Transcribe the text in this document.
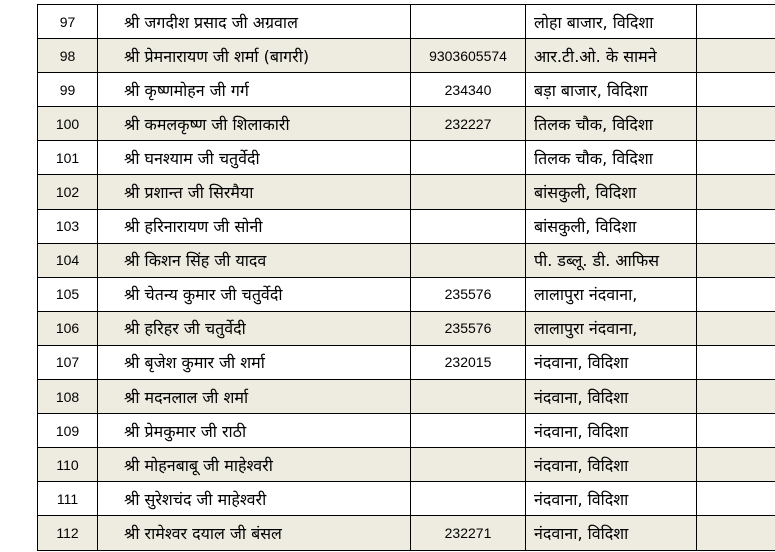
97	श्री जगदीश प्रसाद जी अग्रवाल		लोहा बाजार, विदिशा	
98	श्री प्रेमनारायण जी शर्मा (बागरी)	9303605574	आर.टी.ओ. के सामने	
99	श्री कृष्णमोहन जी गर्ग	234340	बड़ा बाजार, विदिशा	
100	श्री कमलकृष्ण जी शिलाकारी	232227	तिलक चौक, विदिशा	
101	श्री घनश्याम जी चतुर्वेदी		तिलक चौक, विदिशा	
102	श्री प्रशान्त जी सिरमैया		बांसकुली, विदिशा	
103	श्री हरिनारायण जी सोनी		बांसकुली, विदिशा	
104	श्री किशन सिंह जी यादव		पी. डब्लू. डी. आफिस	
105	श्री चेतन्य कुमार जी चतुर्वेदी	235576	लालापुरा नंदवाना,	
106	श्री हरिहर जी चतुर्वेदी	235576	लालापुरा नंदवाना,	
107	श्री बृजेश कुमार जी शर्मा	232015	नंदवाना, विदिशा	
108	श्री मदनलाल जी शर्मा		नंदवाना, विदिशा	
109	श्री प्रेमकुमार जी राठी		नंदवाना, विदिशा	
110	श्री मोहनबाबू जी माहेश्वरी		नंदवाना, विदिशा	
111	श्री सुरेशचंद जी माहेश्वरी		नंदवाना, विदिशा	
112	श्री रामेश्वर दयाल जी बंसल	232271	नंदवाना, विदिशा	
